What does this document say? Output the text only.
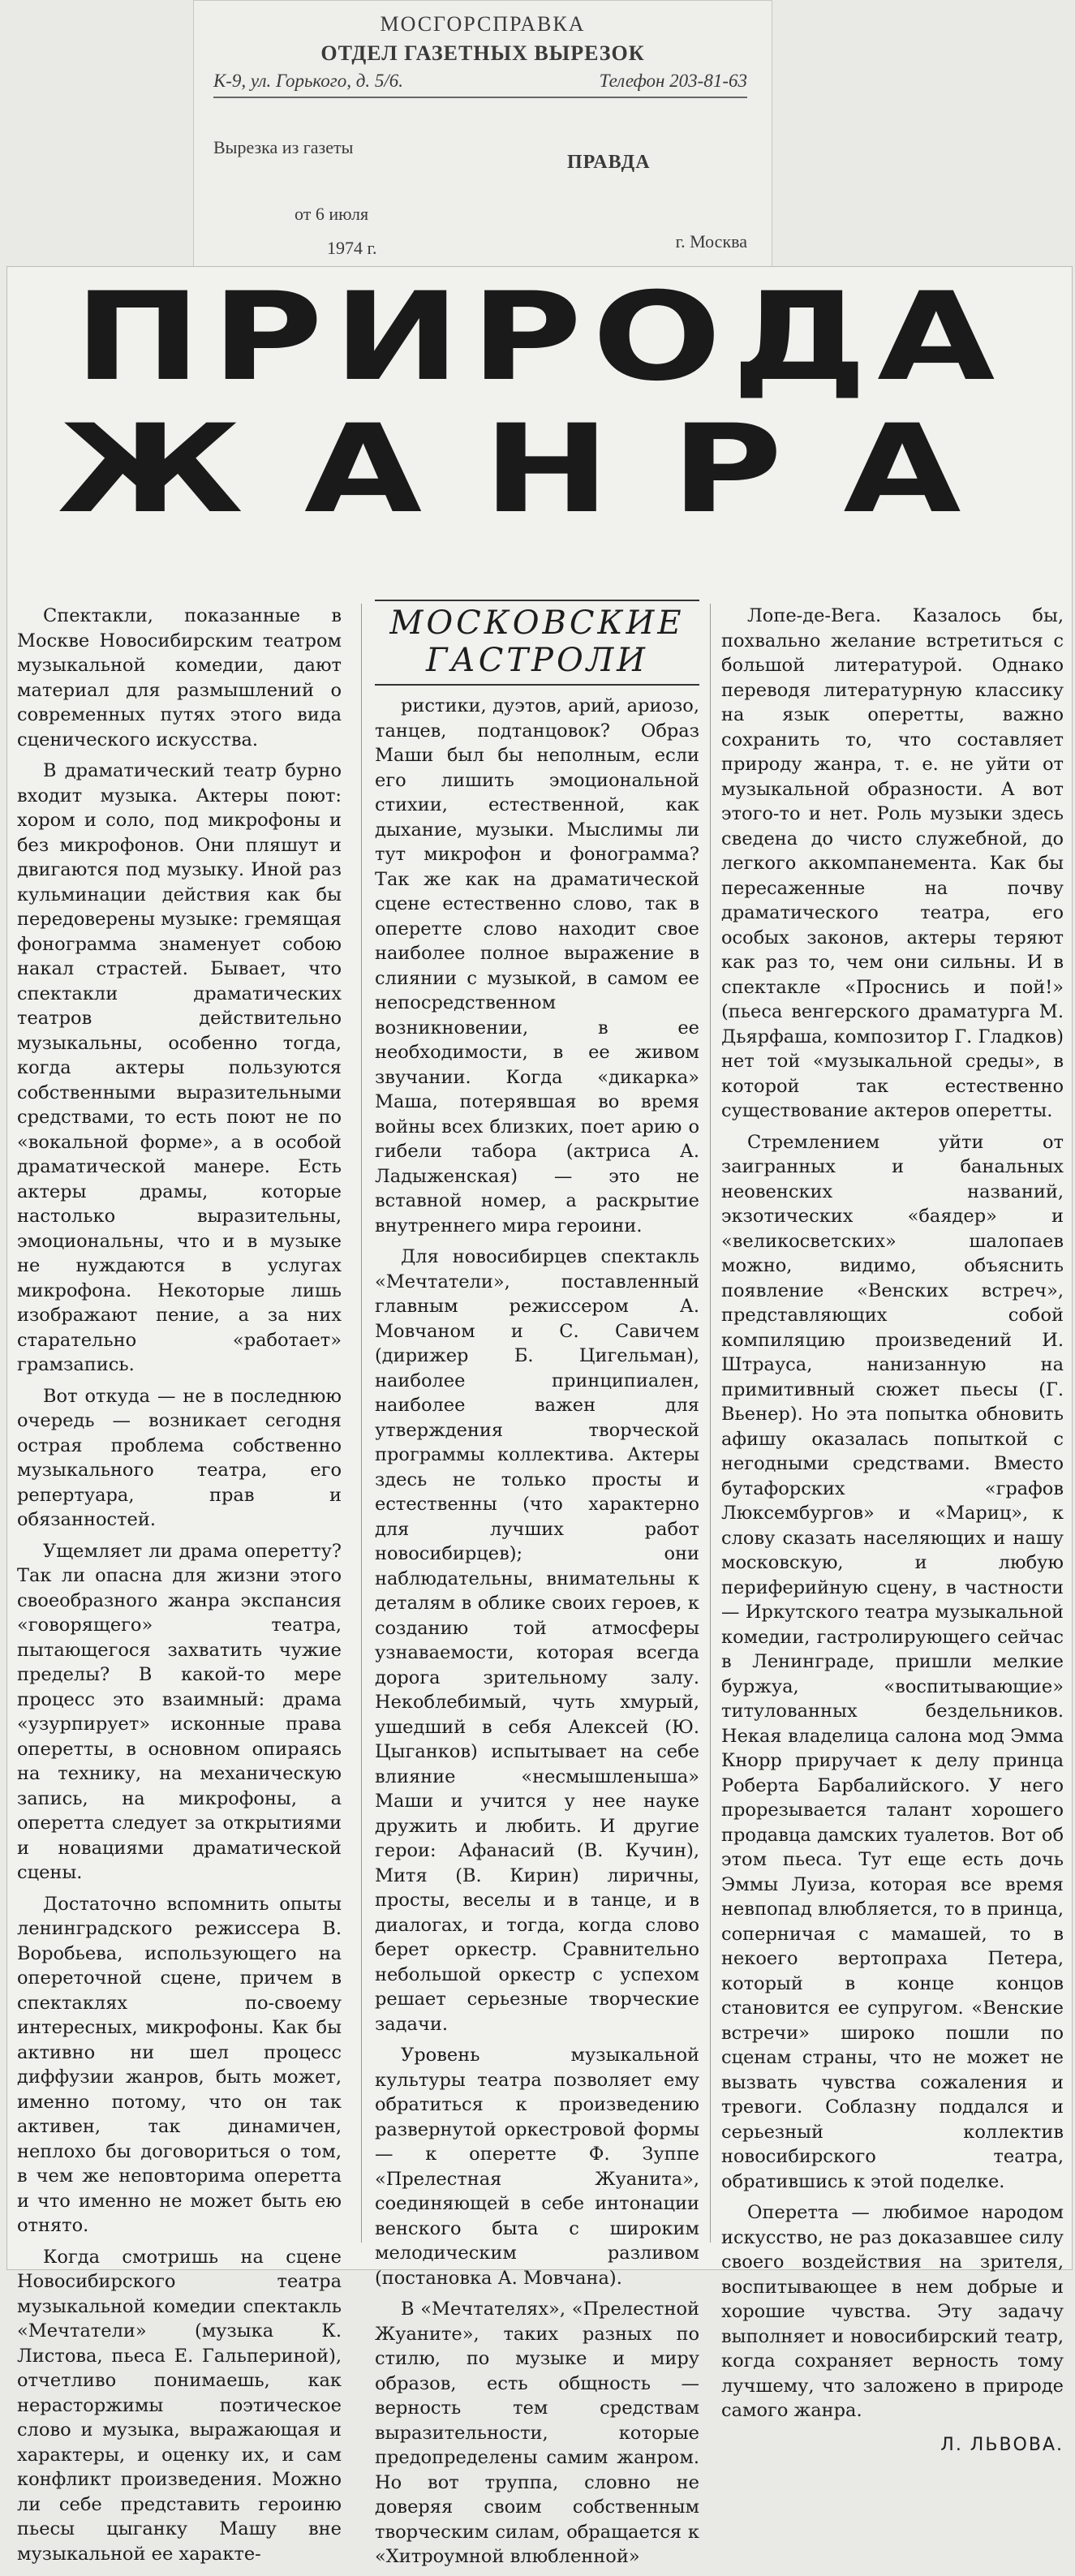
МОСГОРСПРАВКА
ОТДЕЛ ГАЗЕТНЫХ ВЫРЕЗОК
К-9, ул. Горького, д. 5/6.	Телефон 203-81-63
Вырезка из газеты
ПРАВДА
от 6 июля
1974 г.	г. Москва
ПРИРОДА
ЖАНРА

Спектакли, показанные в Москве Новосибирским театром музыкальной комедии, дают материал для размышлений о современных путях этого вида сценического искусства.

В драматический театр бурно входит музыка. Актеры поют: хором и соло, под микрофоны и без микрофонов. Они пляшут и двигаются под музыку. Иной раз кульминации действия как бы передоверены музыке: гремящая фонограмма знаменует собою накал страстей. Бывает, что спектакли драматических театров действительно музыкальны, особенно тогда, когда актеры пользуются собственными выразительными средствами, то есть поют не по «вокальной форме», а в особой драматической манере. Есть актеры драмы, которые настолько выразительны, эмоциональны, что и в музыке не нуждаются в услугах микрофона. Некоторые лишь изображают пение, а за них старательно «работает» грамзапись.

Вот откуда — не в последнюю очередь — возникает сегодня острая проблема собственно музыкального театра, его репертуара, прав и обязанностей.

Ущемляет ли драма оперетту? Так ли опасна для жизни этого своеобразного жанра экспансия «говорящего» театра, пытающегося захватить чужие пределы? В какой-то мере процесс это взаимный: драма «узурпирует» исконные права оперетты, в основном опираясь на технику, на механическую запись, на микрофоны, а оперетта следует за открытиями и новациями драматической сцены.

Достаточно вспомнить опыты ленинградского режиссера В. Воробьева, использующего на опереточной сцене, причем в спектаклях по-своему интересных, микрофоны. Как бы активно ни шел процесс диффузии жанров, быть может, именно потому, что он так активен, так динамичен, неплохо бы договориться о том, в чем же неповторима оперетта и что именно не может быть ею отнято.

Когда смотришь на сцене Новосибирского театра музыкальной комедии спектакль «Мечтатели» (музыка К. Листова, пьеса Е. Гальпериной), отчетливо понимаешь, как нерасторжимы поэтическое слово и музыка, выражающая и характеры, и оценку их, и сам конфликт произведения. Можно ли себе представить героиню пьесы цыганку Машу вне музыкальной ее характе-

МОСКОВСКИЕ ГАСТРОЛИ

ристики, дуэтов, арий, ариозо, танцев, подтанцовок? Образ Маши был бы неполным, если его лишить эмоциональной стихии, естественной, как дыхание, музыки. Мыслимы ли тут микрофон и фонограмма? Так же как на драматической сцене естественно слово, так в оперетте слово находит свое наиболее полное выражение в слиянии с музыкой, в самом ее непосредственном возникновении, в ее необходимости, в ее живом звучании. Когда «дикарка» Маша, потерявшая во время войны всех близких, поет арию о гибели табора (актриса А. Ладыженская) — это не вставной номер, а раскрытие внутреннего мира героини.

Для новосибирцев спектакль «Мечтатели», поставленный главным режиссером А. Мовчаном и С. Савичем (дирижер Б. Цигельман), наиболее принципиален, наиболее важен для утверждения творческой программы коллектива. Актеры здесь не только просты и естественны (что характерно для лучших работ новосибирцев); они наблюдательны, внимательны к деталям в облике своих героев, к созданию той атмосферы узнаваемости, которая всегда дорога зрительному залу. Некоблебимый, чуть хмурый, ушедший в себя Алексей (Ю. Цыганков) испытывает на себе влияние «несмышленыша» Маши и учится у нее науке дружить и любить. И другие герои: Афанасий (В. Кучин), Митя (В. Кирин) лиричны, просты, веселы и в танце, и в диалогах, и тогда, когда слово берет оркестр. Сравнительно небольшой оркестр с успехом решает серьезные творческие задачи.

Уровень музыкальной культуры театра позволяет ему обратиться к произведению развернутой оркестровой формы — к оперетте Ф. Зуппе «Прелестная Жуанита», соединяющей в себе интонации венского быта с широким мелодическим разливом (постановка А. Мовчана).

В «Мечтателях», «Прелестной Жуаните», таких разных по стилю, по музыке и миру образов, есть общность — верность тем средствам выразительности, которые предопределены самим жанром. Но вот труппа, словно не доверяя своим собственным творческим силам, обращается к «Хитроумной влюбленной»

Лопе-де-Вега. Казалось бы, похвально желание встретиться с большой литературой. Однако переводя литературную классику на язык оперетты, важно сохранить то, что составляет природу жанра, т. е. не уйти от музыкальной образности. А вот этого-то и нет. Роль музыки здесь сведена до чисто служебной, до легкого аккомпанемента. Как бы пересаженные на почву драматического театра, его особых законов, актеры теряют как раз то, чем они сильны. И в спектакле «Проснись и пой!» (пьеса венгерского драматурга М. Дьярфаша, композитор Г. Гладков) нет той «музыкальной среды», в которой так естественно существование актеров оперетты.

Стремлением уйти от заигранных и банальных неовенских названий, экзотических «баядер» и «великосветских» шалопаев можно, видимо, объяснить появление «Венских встреч», представляющих собой компиляцию произведений И. Штрауса, нанизанную на примитивный сюжет пьесы (Г. Вьенер). Но эта попытка обновить афишу оказалась попыткой с негодными средствами. Вместо бутафорских «графов Люксембургов» и «Мариц», к слову сказать населяющих и нашу московскую, и любую периферийную сцену, в частности — Иркутского театра музыкальной комедии, гастролирующего сейчас в Ленинграде, пришли мелкие буржуа, «воспитывающие» титулованных бездельников. Некая владелица салона мод Эмма Кнорр приручает к делу принца Роберта Барбалийского. У него прорезывается талант хорошего продавца дамских туалетов. Вот об этом пьеса. Тут еще есть дочь Эммы Луиза, которая все время невпопад влюбляется, то в принца, соперничая с мамашей, то в некоего вертопраха Петера, который в конце концов становится ее супругом. «Венские встречи» широко пошли по сценам страны, что не может не вызвать чувства сожаления и тревоги. Соблазну поддался и серьезный коллектив новосибирского театра, обратившись к этой поделке.

Оперетта — любимое народом искусство, не раз доказавшее силу своего воздействия на зрителя, воспитывающее в нем добрые и хорошие чувства. Эту задачу выполняет и новосибирский театр, когда сохраняет верность тому лучшему, что заложено в природе самого жанра.

Л. ЛЬВОВА.
